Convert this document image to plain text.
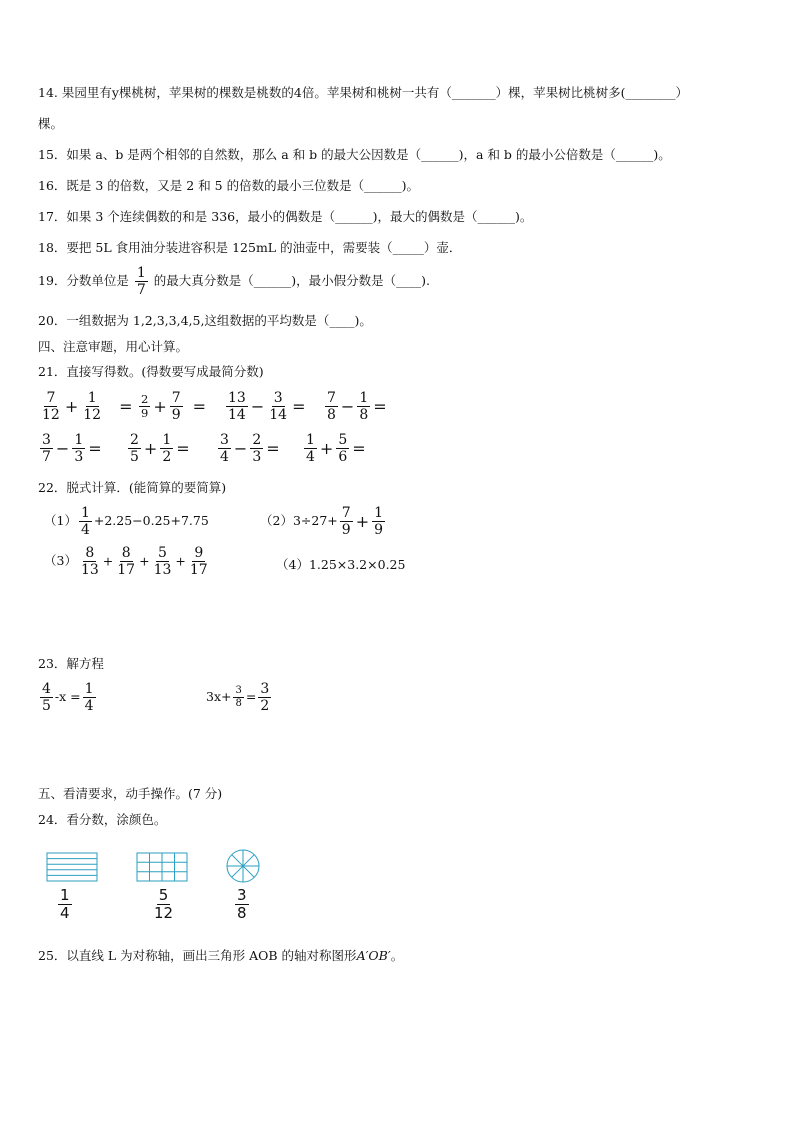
14. 果园里有y棵桃树，苹果树的棵数是桃数的4倍。苹果树和桃树一共有（_______）棵，苹果树比桃树多(________）
棵。
15．如果 a、b 是两个相邻的自然数，那么 a 和 b 的最大公因数是（______)，a 和 b 的最小公倍数是（______)。
16．既是 3 的倍数，又是 2 和 5 的倍数的最小三位数是（______)。
17．如果 3 个连续偶数的和是 336，最小的偶数是（______)，最大的偶数是（______)。
18．要把 5L 食用油分装进容积是 125mL 的油壶中，需要装（_____）壶．
19．分数单位是 $\frac{1}{7}$ 的最大真分数是（______)，最小假分数是（____).
20．一组数据为 1,2,3,3,4,5,这组数据的平均数是（____)。
四、注意审题，用心计算。
21．直接写得数。(得数要写成最简分数)
$\frac{7}{12} + \frac{1}{12} = \frac{2}{9} + \frac{7}{9} = \frac{13}{14} - \frac{3}{14} = \frac{7}{8} - \frac{1}{8}$ =
$\frac{3}{7} - \frac{1}{3} = \frac{2}{5} + \frac{1}{2} = \frac{3}{4} - \frac{2}{3} = \frac{1}{4} + \frac{5}{6}$ =
22．脱式计算．(能简算的要简算)
$(1) \frac{1}{4} +2.25-0.25+7.75$	$(2)3\div 27+ \frac{7}{9} + \frac{1}{9}$
$(3) \frac{8}{13} + \frac{8}{17} + \frac{5}{13} + \frac{9}{17}$	（4）1.25×3.2×0.25
23．解方程
$\frac{4}{5} -x = \frac{1}{4}$	$3x+ \frac{3}{8} = \frac{3}{2}$
五、看清要求，动手操作。(7 分)
24．看分数，涂颜色。
$\frac{1}{4}$	$\frac{5}{12}$	$\frac{3}{8}$
25．以直线 L 为对称轴，画出三角形 AOB 的轴对称图形A′OB′。
